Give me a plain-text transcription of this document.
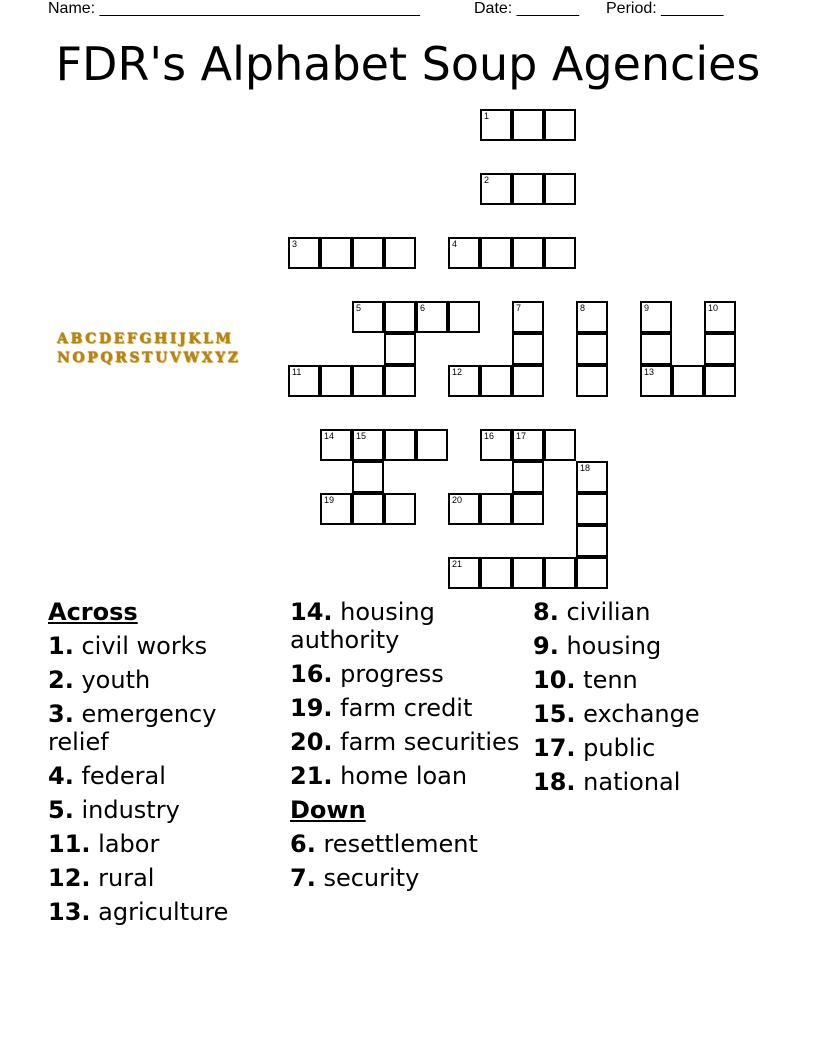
Name: ____________________________________	Date: _______ Period: _______
FDR's Alphabet Soup Agencies
ABCDEFGHIJKLM
NOPQRSTUVWXYZ
1
2
3	4
5	6	7	8	9	10
11	12	13
14 15	16 17
18
19	20
21
Across
1. civil works
2. youth
3. emergency relief
4. federal
5. industry
11. labor
12. rural
13. agriculture
14. housing authority
16. progress
19. farm credit
20. farm securities
21. home loan
Down
6. resettlement
7. security
8. civilian
9. housing
10. tenn
15. exchange
17. public
18. national
